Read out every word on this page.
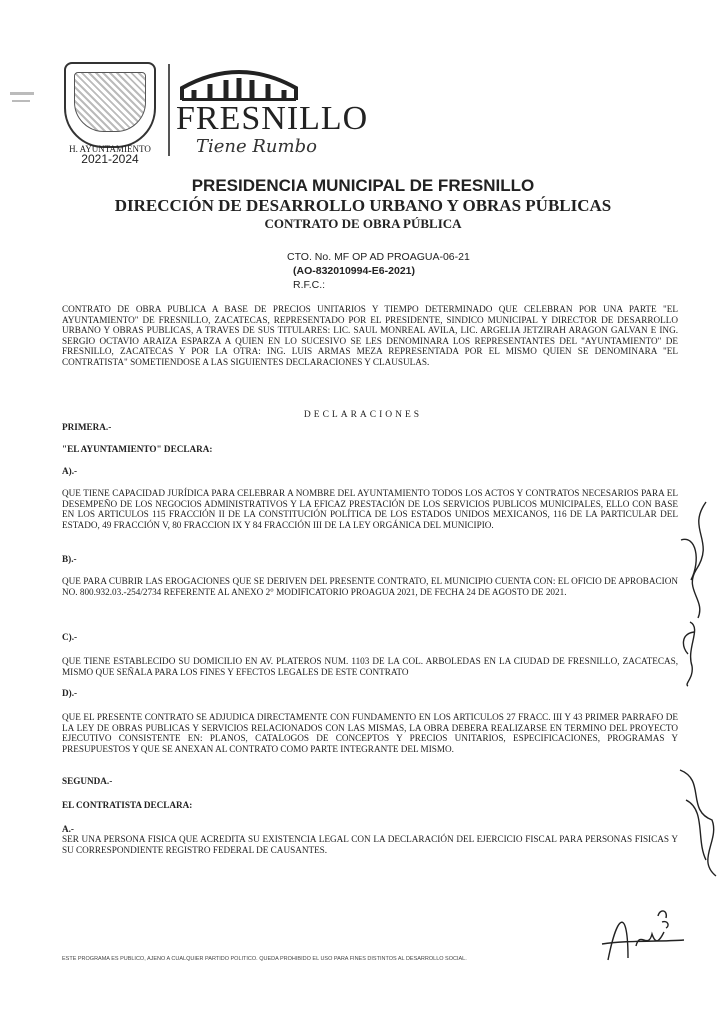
H. AYUNTAMIENTO
2021-2024
FRESNILLO
Tiene Rumbo
PRESIDENCIA MUNICIPAL DE FRESNILLO
DIRECCIÓN DE DESARROLLO URBANO Y OBRAS PÚBLICAS
CONTRATO DE OBRA PÚBLICA
CTO. No. MF OP AD PROAGUA-06-21
(AO-832010994-E6-2021)
R.F.C.:
CONTRATO DE OBRA PUBLICA A BASE DE PRECIOS UNITARIOS Y TIEMPO DETERMINADO QUE CELEBRAN POR UNA PARTE "EL AYUNTAMIENTO" DE FRESNILLO, ZACATECAS, REPRESENTADO POR EL PRESIDENTE, SINDICO MUNICIPAL Y DIRECTOR DE DESARROLLO URBANO Y OBRAS PUBLICAS, A TRAVES DE SUS TITULARES: LIC. SAUL MONREAL AVILA, LIC. ARGELIA JETZIRAH ARAGON GALVAN E ING. SERGIO OCTAVIO ARAIZA ESPARZA A QUIEN EN LO SUCESIVO SE LES DENOMINARA LOS REPRESENTANTES DEL "AYUNTAMIENTO" DE FRESNILLO, ZACATECAS Y POR LA OTRA: ING. LUIS ARMAS MEZA REPRESENTADA POR EL MISMO QUIEN SE DENOMINARA "EL CONTRATISTA" SOMETIENDOSE A LAS SIGUIENTES DECLARACIONES Y CLAUSULAS.
DECLARACIONES
PRIMERA.-
"EL AYUNTAMIENTO" DECLARA:
A).-
QUE TIENE CAPACIDAD JURÍDICA PARA CELEBRAR A NOMBRE DEL AYUNTAMIENTO TODOS LOS ACTOS Y CONTRATOS NECESARIOS PARA EL DESEMPEÑO DE LOS NEGOCIOS ADMINISTRATIVOS Y LA EFICAZ PRESTACIÓN DE LOS SERVICIOS PUBLICOS MUNICIPALES, ELLO CON BASE EN LOS ARTICULOS 115 FRACCIÓN II DE LA CONSTITUCIÓN POLÍTICA DE LOS ESTADOS UNIDOS MEXICANOS, 116 DE LA PARTICULAR DEL ESTADO, 49 FRACCIÓN V, 80 FRACCION IX Y 84 FRACCIÓN III DE LA LEY ORGÁNICA DEL MUNICIPIO.
B).-
QUE PARA CUBRIR LAS EROGACIONES QUE SE DERIVEN DEL PRESENTE CONTRATO, EL MUNICIPIO CUENTA CON: EL OFICIO DE APROBACION NO. 800.932.03.-254/2734 REFERENTE AL ANEXO 2° MODIFICATORIO PROAGUA 2021, DE FECHA 24 DE AGOSTO DE 2021.
C).-
QUE TIENE ESTABLECIDO SU DOMICILIO EN AV. PLATEROS NUM. 1103 DE LA COL. ARBOLEDAS EN LA CIUDAD DE FRESNILLO, ZACATECAS, MISMO QUE SEÑALA PARA LOS FINES Y EFECTOS LEGALES DE ESTE CONTRATO
D).-
QUE EL PRESENTE CONTRATO SE ADJUDICA DIRECTAMENTE CON FUNDAMENTO EN LOS ARTICULOS 27 FRACC. III Y 43 PRIMER PARRAFO DE LA LEY DE OBRAS PUBLICAS Y SERVICIOS RELACIONADOS CON LAS MISMAS, LA OBRA DEBERA REALIZARSE EN TERMINO DEL PROYECTO EJECUTIVO CONSISTENTE EN: PLANOS, CATALOGOS DE CONCEPTOS Y PRECIOS UNITARIOS, ESPECIFICACIONES, PROGRAMAS Y PRESUPUESTOS Y QUE SE ANEXAN AL CONTRATO COMO PARTE INTEGRANTE DEL MISMO.
SEGUNDA.-
EL CONTRATISTA DECLARA:
A.-
SER UNA PERSONA FISICA QUE ACREDITA SU EXISTENCIA LEGAL CON LA DECLARACIÓN DEL EJERCICIO FISCAL PARA PERSONAS FISICAS Y SU CORRESPONDIENTE REGISTRO FEDERAL DE CAUSANTES.
ESTE PROGRAMA ES PUBLICO, AJENO A CUALQUIER PARTIDO POLITICO. QUEDA PROHIBIDO EL USO PARA FINES DISTINTOS AL DESARROLLO SOCIAL.
